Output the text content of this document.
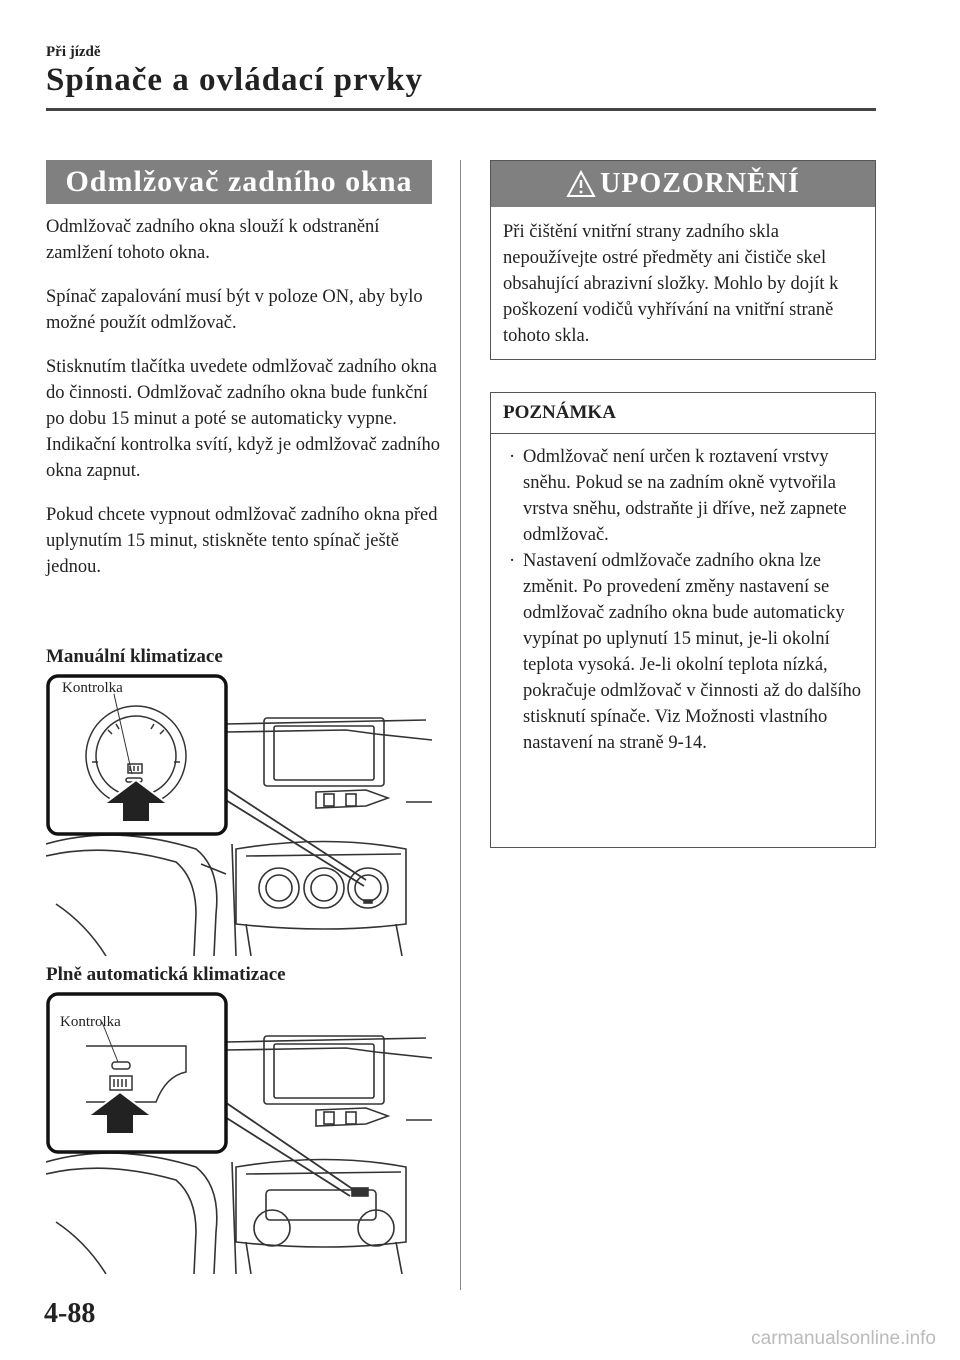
Při jízdě
Spínače a ovládací prvky
Odmlžovač zadního okna

Odmlžovač zadního okna slouží k odstranění zamlžení tohoto okna.

Spínač zapalování musí být v poloze ON, aby bylo možné použít odmlžovač.

Stisknutím tlačítka uvedete odmlžovač zadního okna do činnosti. Odmlžovač zadního okna bude funkční po dobu 15 minut a poté se automaticky vypne. Indikační kontrolka svítí, když je odmlžovač zadního okna zapnut.

Pokud chcete vypnout odmlžovač zadního okna před uplynutím 15 minut, stiskněte tento spínač ještě jednou.

Manuální klimatizace
Kontrolka
Plně automatická klimatizace
Kontrolka
UPOZORNĚNÍ
Při čištění vnitřní strany zadního skla nepoužívejte ostré předměty ani čističe skel obsahující abrazivní složky. Mohlo by dojít k poškození vodičů vyhřívání na vnitřní straně tohoto skla.
POZNÁMKA
· Odmlžovač není určen k roztavení vrstvy sněhu. Pokud se na zadním okně vytvořila vrstva sněhu, odstraňte ji dříve, než zapnete odmlžovač.
· Nastavení odmlžovače zadního okna lze změnit. Po provedení změny nastavení se odmlžovač zadního okna bude automaticky vypínat po uplynutí 15 minut, je-li okolní teplota vysoká. Je-li okolní teplota nízká, pokračuje odmlžovač v činnosti až do dalšího stisknutí spínače. Viz Možnosti vlastního nastavení na straně 9-14.
4-88
carmanualsonline.info
